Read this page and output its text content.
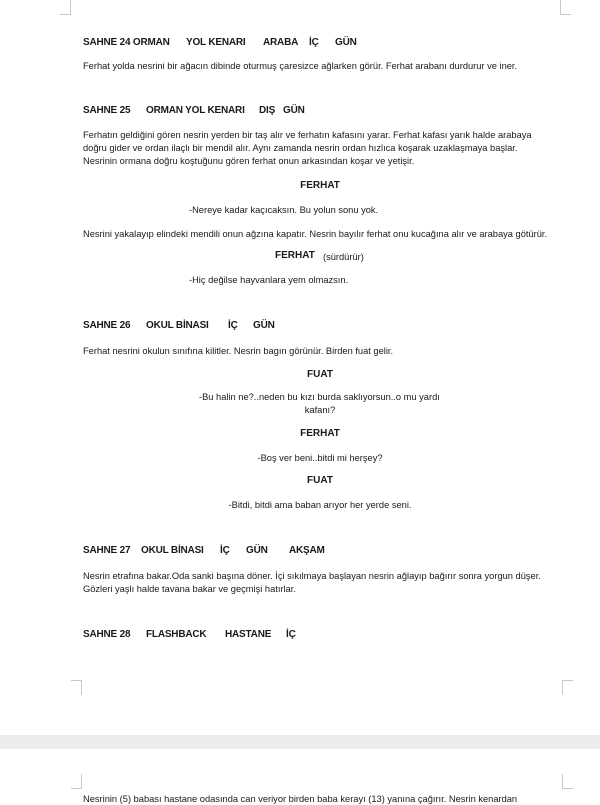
SAHNE 24 ORMAN YOL KENARI ARABA İÇ GÜN
Ferhat yolda nesrini bir ağacın dibinde oturmuş çaresizce ağlarken görür. Ferhat arabanı durdurur ve iner.
SAHNE 25 ORMAN YOL KENARI DIŞ GÜN
Ferhatın geldiğini gören nesrin yerden bir taş alır ve ferhatın kafasını yarar. Ferhat kafası yarık halde arabaya
doğru gider ve ordan ilaçlı bir mendil alır. Aynı zamanda nesrin ordan hızlıca koşarak uzaklaşmaya başlar.
Nesrinin ormana doğru koştuğunu gören ferhat onun arkasından koşar ve yetişir.
FERHAT
-Nereye kadar kaçıcaksın. Bu yolun sonu yok.
Nesrini yakalayıp elindeki mendili onun ağzına kapatır. Nesrin bayılır ferhat onu kucağına alır ve arabaya götürür.
FERHAT (sürdürür)
-Hiç değilse hayvanlara yem olmazsın.
SAHNE 26 OKUL BİNASI İÇ GÜN
Ferhat nesrini okulun sınıfına kilitler. Nesrin bagın görünür. Birden fuat gelir.
FUAT
-Bu halin ne?..neden bu kızı burda saklıyorsun..o mu yardı
kafanı?
FERHAT
-Boş ver beni..bitdi mi herşey?
FUAT
-Bitdi, bitdi ama baban arıyor her yerde seni.
SAHNE 27 OKUL BİNASI İÇ GÜN AKŞAM
Nesrin etrafına bakar.Oda sanki başına döner. İçi sıkılmaya başlayan nesrin ağlayıp bağırır sonra yorgun düşer.
Gözleri yaşlı halde tavana bakar ve geçmişi hatırlar.
SAHNE 28 FLASHBACK HASTANE İÇ
Nesrinin (5) babası hastane odasında can veriyor birden baba kerayı (13) yanına çağırır. Nesrin kenardan
